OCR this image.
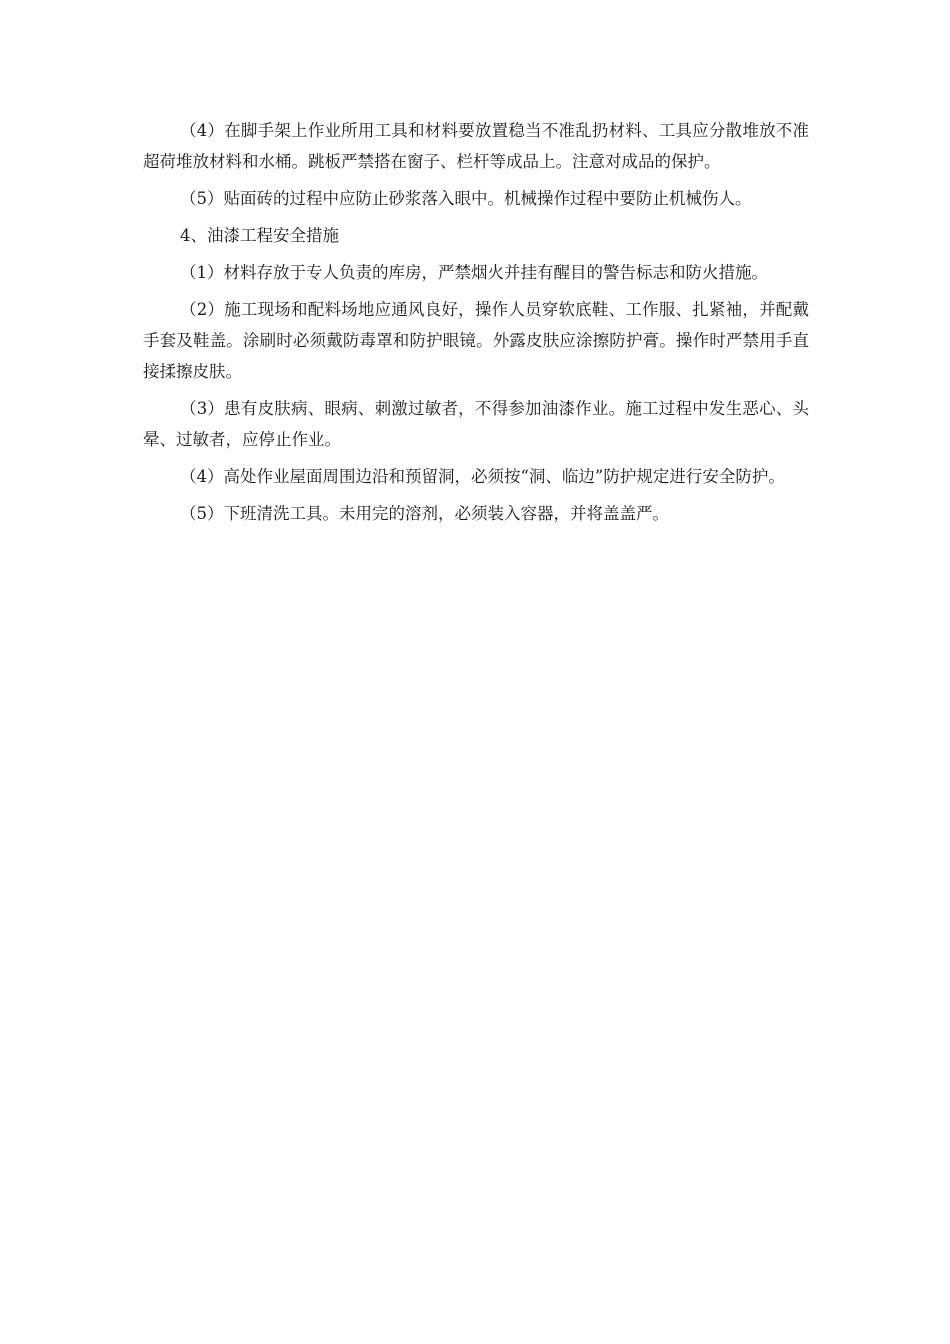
（4）在脚手架上作业所用工具和材料要放置稳当不准乱扔材料、工具应分散堆放不准超荷堆放材料和水桶。跳板严禁搭在窗子、栏杆等成品上。注意对成品的保护。

（5）贴面砖的过程中应防止砂浆落入眼中。机械操作过程中要防止机械伤人。

4、油漆工程安全措施

（1）材料存放于专人负责的库房，严禁烟火并挂有醒目的警告标志和防火措施。

（2）施工现场和配料场地应通风良好，操作人员穿软底鞋、工作服、扎紧袖，并配戴手套及鞋盖。涂刷时必须戴防毒罩和防护眼镜。外露皮肤应涂擦防护膏。操作时严禁用手直接揉擦皮肤。

（3）患有皮肤病、眼病、刺激过敏者，不得参加油漆作业。施工过程中发生恶心、头晕、过敏者，应停止作业。

（4）高处作业屋面周围边沿和预留洞，必须按“洞、临边”防护规定进行安全防护。

（5）下班清洗工具。未用完的溶剂，必须装入容器，并将盖盖严。
